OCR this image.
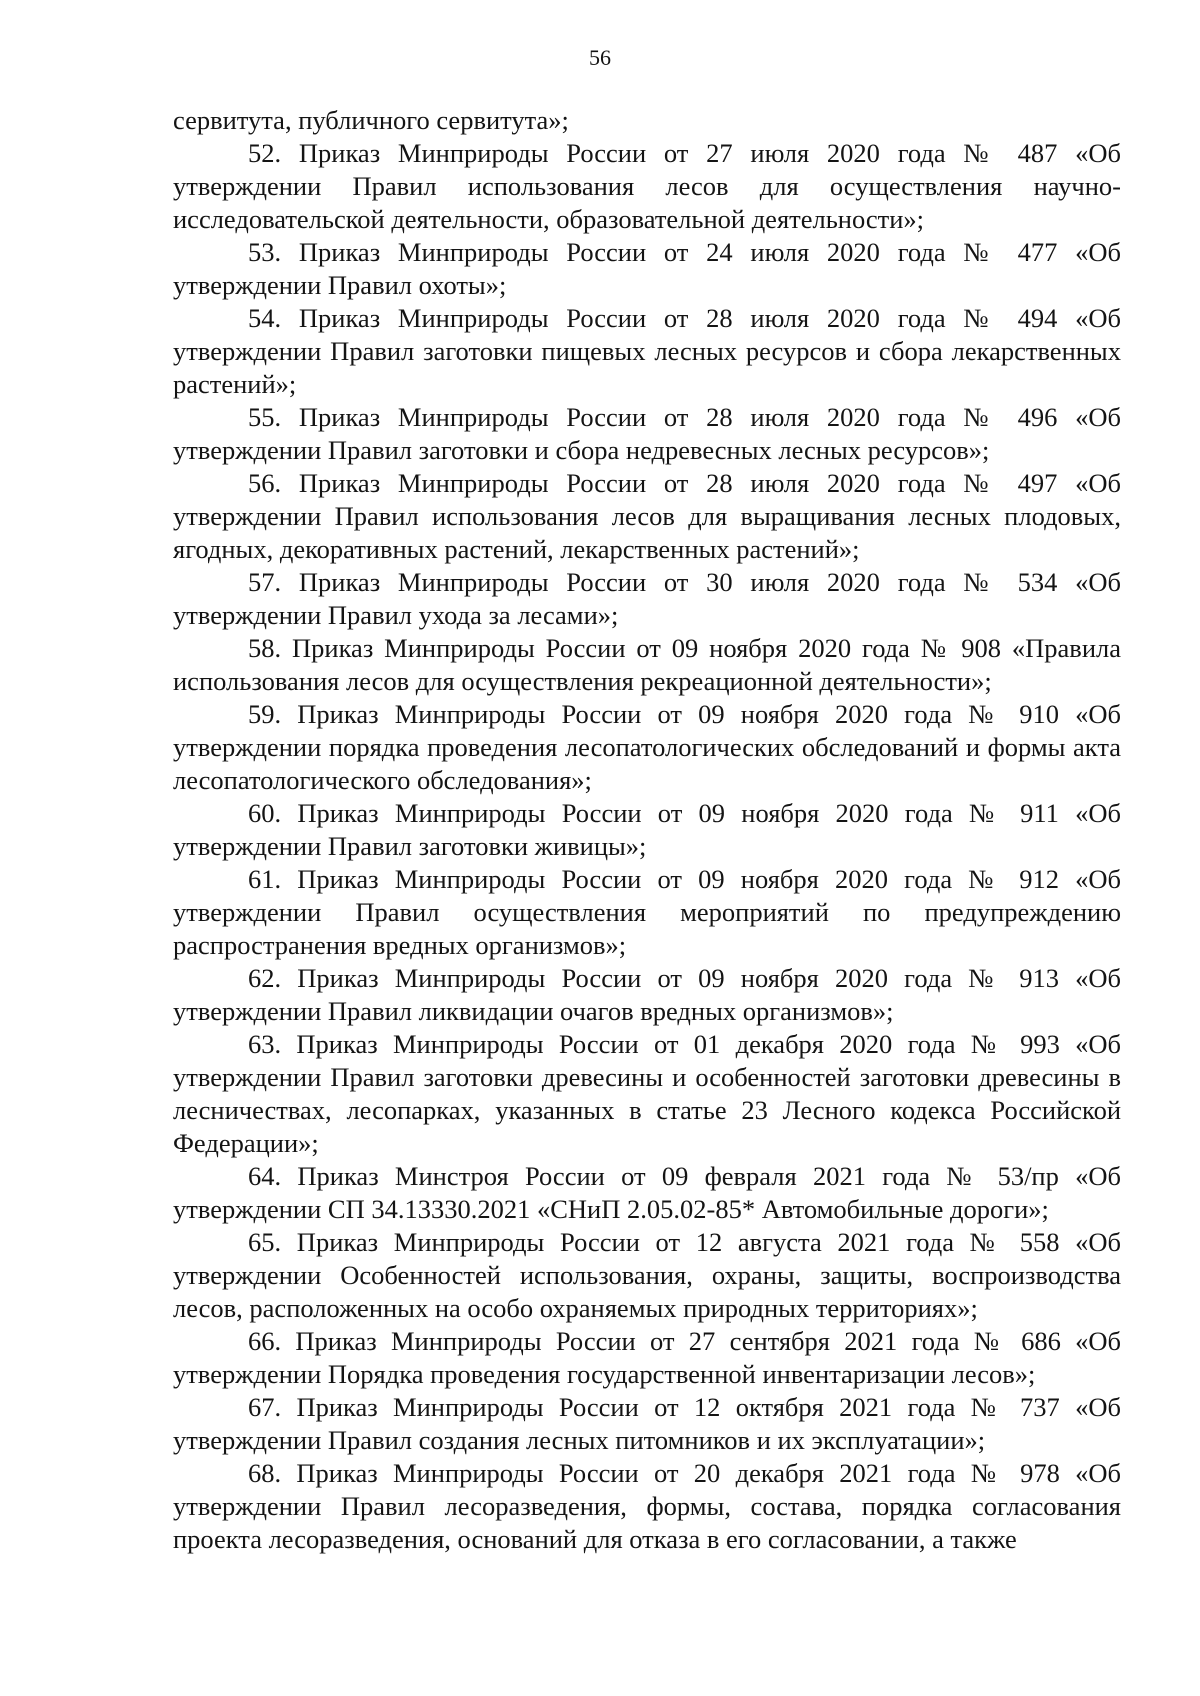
56

сервитута, публичного сервитута»;

52. Приказ Минприроды России от 27 июля 2020 года № 487 «Об утверждении Правил использования лесов для осуществления научно-исследовательской деятельности, образовательной деятельности»;

53. Приказ Минприроды России от 24 июля 2020 года № 477 «Об утверждении Правил охоты»;

54. Приказ Минприроды России от 28 июля 2020 года № 494 «Об утверждении Правил заготовки пищевых лесных ресурсов и сбора лекарственных растений»;

55. Приказ Минприроды России от 28 июля 2020 года № 496 «Об утверждении Правил заготовки и сбора недревесных лесных ресурсов»;

56. Приказ Минприроды России от 28 июля 2020 года № 497 «Об утверждении Правил использования лесов для выращивания лесных плодовых, ягодных, декоративных растений, лекарственных растений»;

57. Приказ Минприроды России от 30 июля 2020 года № 534 «Об утверждении Правил ухода за лесами»;

58. Приказ Минприроды России от 09 ноября 2020 года № 908 «Правила использования лесов для осуществления рекреационной деятельности»;

59. Приказ Минприроды России от 09 ноября 2020 года № 910 «Об утверждении порядка проведения лесопатологических обследований и формы акта лесопатологического обследования»;

60. Приказ Минприроды России от 09 ноября 2020 года № 911 «Об утверждении Правил заготовки живицы»;

61. Приказ Минприроды России от 09 ноября 2020 года № 912 «Об утверждении Правил осуществления мероприятий по предупреждению распространения вредных организмов»;

62. Приказ Минприроды России от 09 ноября 2020 года № 913 «Об утверждении Правил ликвидации очагов вредных организмов»;

63. Приказ Минприроды России от 01 декабря 2020 года № 993 «Об утверждении Правил заготовки древесины и особенностей заготовки древесины в лесничествах, лесопарках, указанных в статье 23 Лесного кодекса Российской Федерации»;

64. Приказ Минстроя России от 09 февраля 2021 года № 53/пр «Об утверждении СП 34.13330.2021 «СНиП 2.05.02-85* Автомобильные дороги»;

65. Приказ Минприроды России от 12 августа 2021 года № 558 «Об утверждении Особенностей использования, охраны, защиты, воспроизводства лесов, расположенных на особо охраняемых природных территориях»;

66. Приказ Минприроды России от 27 сентября 2021 года № 686 «Об утверждении Порядка проведения государственной инвентаризации лесов»;

67. Приказ Минприроды России от 12 октября 2021 года № 737 «Об утверждении Правил создания лесных питомников и их эксплуатации»;

68. Приказ Минприроды России от 20 декабря 2021 года № 978 «Об утверждении Правил лесоразведения, формы, состава, порядка согласования проекта лесоразведения, оснований для отказа в его согласовании, а также
